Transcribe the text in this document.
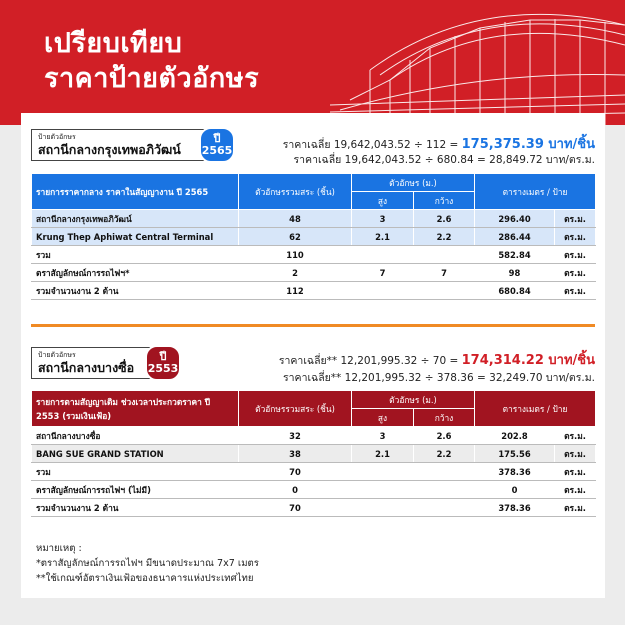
เปรียบเทียบ
ราคาป้ายตัวอักษร
ป้ายตัวอักษร
สถานีกลางกรุงเทพอภิวัฒน์
ปี
2565	ราคาเฉลี่ย 19,642,043.52 ÷ 112 = 175,375.39 บาท/ชิ้น
ราคาเฉลี่ย 19,642,043.52 ÷ 680.84 = 28,849.72 บาท/ตร.ม.
รายการราคากลาง ราคาในสัญญางาน ปี 2565	ตัวอักษรรวมสระ (ชิ้น)	ตัวอักษร (ม.)		ตารางเมตร / ป้าย	
		สูง	กว้าง		
สถานีกลางกรุงเทพอภิวัฒน์	48	3	2.6	296.40	ตร.ม.
Krung Thep Aphiwat Central Terminal	62	2.1	2.2	286.44	ตร.ม.
รวม	110			582.84	ตร.ม.
ตราสัญลักษณ์การรถไฟฯ*	2	7	7	98	ตร.ม.
รวมจำนวนงาน 2 ด้าน	112			680.84	ตร.ม.
ป้ายตัวอักษร
สถานีกลางบางซื่อ
ปี
2553
ราคาเฉลี่ย** 12,201,995.32 ÷ 70 = 174,314.22 บาท/ชิ้น
ราคาเฉลี่ย** 12,201,995.32 ÷ 378.36 = 32,249.70 บาท/ตร.ม.
รายการตามสัญญาเดิม ช่วงเวลาประกวดราคา ปี 2553 (รวมเงินเฟ้อ)	ตัวอักษรรวมสระ (ชิ้น)	ตัวอักษร (ม.)		ตารางเมตร / ป้าย	
		สูง	กว้าง		
สถานีกลางบางซื่อ	32	3	2.6	202.8	ตร.ม.
BANG SUE GRAND STATION	38	2.1	2.2	175.56	ตร.ม.
รวม	70			378.36	ตร.ม.
ตราสัญลักษณ์การรถไฟฯ (ไม่มี)	0			0	ตร.ม.
รวมจำนวนงาน 2 ด้าน	70			378.36	ตร.ม.
หมายเหตุ :
*ตราสัญลักษณ์การรถไฟฯ มีขนาดประมาณ 7x7 เมตร
**ใช้เกณฑ์อัตราเงินเฟ้อของธนาคารแห่งประเทศไทย
